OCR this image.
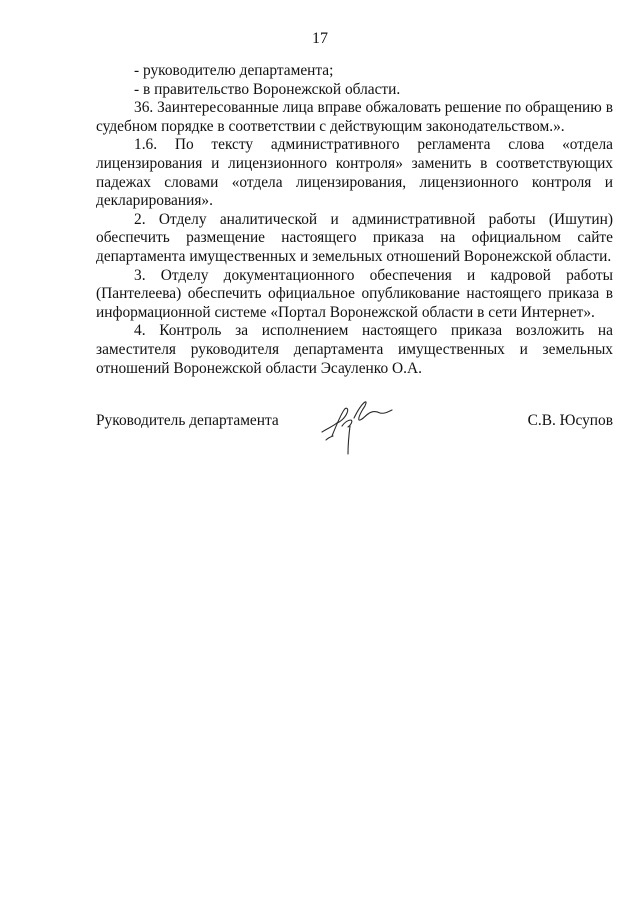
17

- руководителю департамента;

- в правительство Воронежской области.

36. Заинтересованные лица вправе обжаловать решение по обращению в судебном порядке в соответствии с действующим законодательством.».

1.6. По тексту административного регламента слова «отдела лицензирования и лицензионного контроля» заменить в соответствующих падежах словами «отдела лицензирования, лицензионного контроля и декларирования».

2. Отделу аналитической и административной работы (Ишутин) обеспечить размещение настоящего приказа на официальном сайте департамента имущественных и земельных отношений Воронежской области.

3. Отделу документационного обеспечения и кадровой работы (Пантелеева) обеспечить официальное опубликование настоящего приказа в информационной системе «Портал Воронежской области в сети Интернет».

4. Контроль за исполнением настоящего приказа возложить на заместителя руководителя департамента имущественных и земельных отношений Воронежской области Эсауленко О.А.

Руководитель департамента	С.В. Юсупов
